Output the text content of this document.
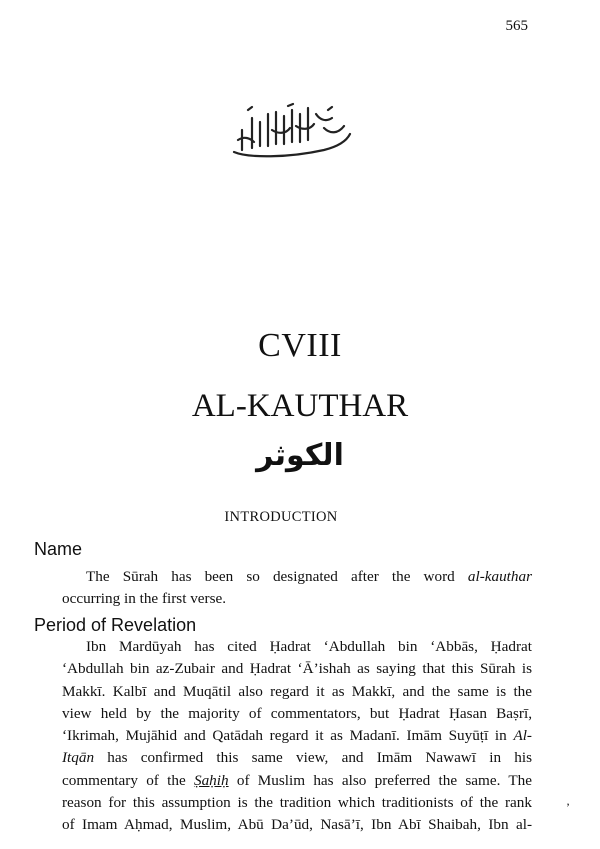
565
CVIII
AL-KAUTHAR
الكوثر
INTRODUCTION
Name
The Sūrah has been so designated after the word al-kauthar
occurring in the first verse.
Period of Revelation
Ibn Mardūyah has cited Ḥadrat ‘Abdullah bin ‘Abbās, Ḥadrat
‘Abdullah bin az-Zubair and Ḥadrat ‘Ā’ishah as saying that this Sūrah is
Makkī. Kalbī and Muqātil also regard it as Makkī, and the same is the
view held by the majority of commentators, but Ḥadrat Ḥasan Baṣrī,
‘Ikrimah, Mujāhid and Qatādah regard it as Madanī. Imām Suyūṭī in Al-
Itqān has confirmed this same view, and Imām Nawawī in his
commentary of the Ṣaḥiḥ of Muslim has also preferred the same. The
reason for this assumption is the tradition which traditionists of the rank
of Imam Aḥmad, Muslim, Abū Da’ūd, Nasā’ī, Ibn Abī Shaibah, Ibn al-
’
